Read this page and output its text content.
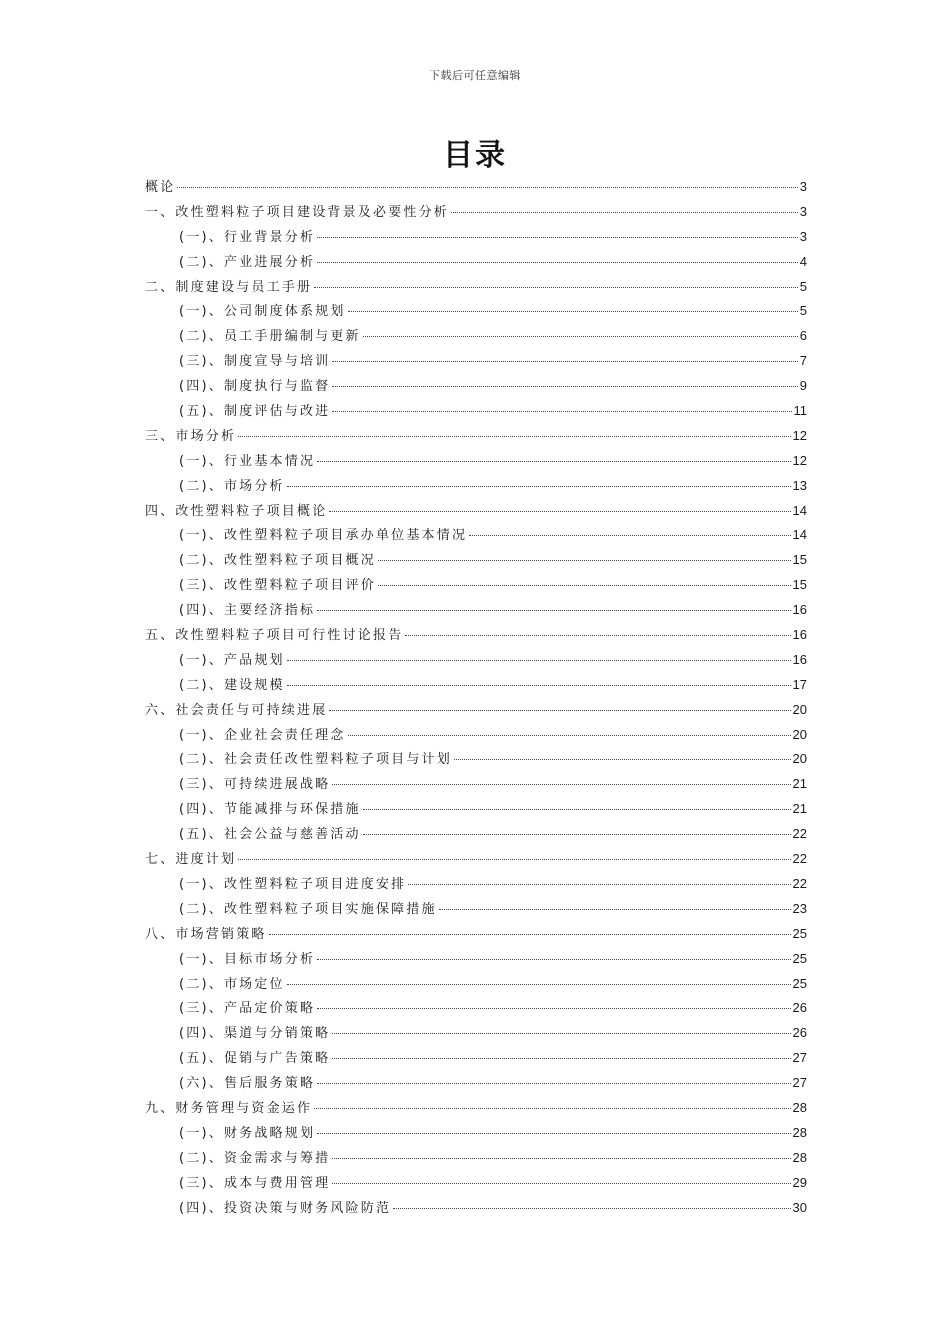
下载后可任意编辑
目录
概论	3
一、改性塑料粒子项目建设背景及必要性分析	3
(一)、行业背景分析	3
(二)、产业进展分析	4
二、制度建设与员工手册	5
(一)、公司制度体系规划	5
(二)、员工手册编制与更新	6
(三)、制度宣导与培训	7
(四)、制度执行与监督	9
(五)、制度评估与改进	11
三、市场分析	12
(一)、行业基本情况	12
(二)、市场分析	13
四、改性塑料粒子项目概论	14
(一)、改性塑料粒子项目承办单位基本情况	14
(二)、改性塑料粒子项目概况	15
(三)、改性塑料粒子项目评价	15
(四)、主要经济指标	16
五、改性塑料粒子项目可行性讨论报告	16
(一)、产品规划	16
(二)、建设规模	17
六、社会责任与可持续进展	20
(一)、企业社会责任理念	20
(二)、社会责任改性塑料粒子项目与计划	20
(三)、可持续进展战略	21
(四)、节能减排与环保措施	21
(五)、社会公益与慈善活动	22
七、进度计划	22
(一)、改性塑料粒子项目进度安排	22
(二)、改性塑料粒子项目实施保障措施	23
八、市场营销策略	25
(一)、目标市场分析	25
(二)、市场定位	25
(三)、产品定价策略	26
(四)、渠道与分销策略	26
(五)、促销与广告策略	27
(六)、售后服务策略	27
九、财务管理与资金运作	28
(一)、财务战略规划	28
(二)、资金需求与筹措	28
(三)、成本与费用管理	29
(四)、投资决策与财务风险防范	30
